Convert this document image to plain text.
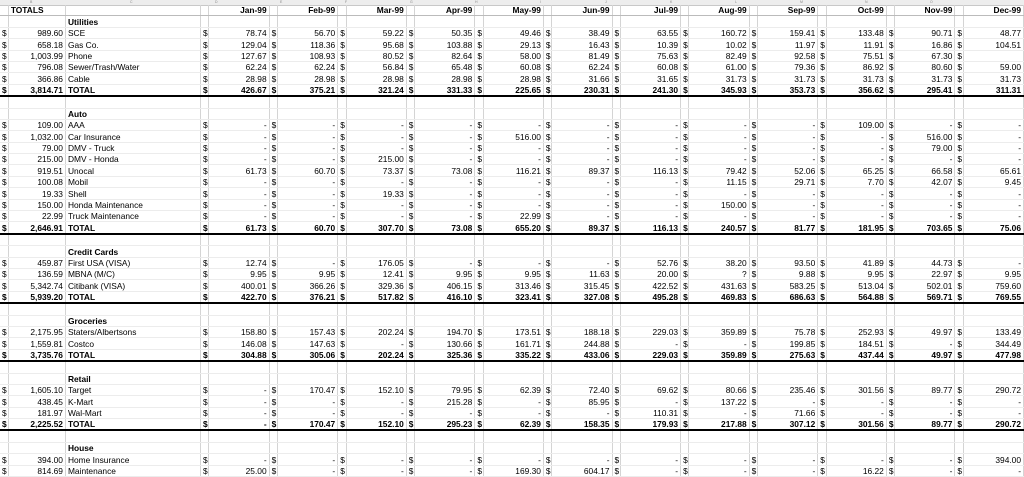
B	C	D	E	F	G	H	I	J	K	L	M	N	O
	TOTALS			Jan-99		Feb-99		Mar-99		Apr-99		May-99		Jun-99		Jul-99		Aug-99		Sep-99		Oct-99		Nov-99		Dec-99
		Utilities																								
$	989.60	SCE	$	78.74	$	56.70	$	59.22	$	50.35	$	49.46	$	38.49	$	63.55	$	160.72	$	159.41	$	133.48	$	90.71	$	48.77
$	658.18	Gas Co.	$	129.04	$	118.36	$	95.68	$	103.88	$	29.13	$	16.43	$	10.39	$	10.02	$	11.97	$	11.91	$	16.86	$	104.51
$	1,003.99	Phone	$	127.67	$	108.93	$	80.52	$	82.64	$	58.00	$	81.49	$	75.63	$	82.49	$	92.58	$	75.51	$	67.30	$	
$	796.08	Sewer/Trash/Water	$	62.24	$	62.24	$	56.84	$	65.48	$	60.08	$	62.24	$	60.08	$	61.00	$	79.36	$	86.92	$	80.60	$	59.00
$	366.86	Cable	$	28.98	$	28.98	$	28.98	$	28.98	$	28.98	$	31.66	$	31.65	$	31.73	$	31.73	$	31.73	$	31.73	$	31.73
$	3,814.71	TOTAL	$	426.67	$	375.21	$	321.24	$	331.33	$	225.65	$	230.31	$	241.30	$	345.93	$	353.73	$	356.62	$	295.41	$	311.31

		Auto																								
$	109.00	AAA	$	-	$	-	$	-	$	-	$	-	$	-	$	-	$	-	$	-	$	109.00	$	-	$	-
$	1,032.00	Car Insurance	$	-	$	-	$	-	$	-	$	516.00	$	-	$	-	$	-	$	-	$	-	$	516.00	$	-
$	79.00	DMV - Truck	$	-	$	-	$	-	$	-	$	-	$	-	$	-	$	-	$	-	$	-	$	79.00	$	-
$	215.00	DMV - Honda	$	-	$	-	$	215.00	$	-	$	-	$	-	$	-	$	-	$	-	$	-	$	-	$	-
$	919.51	Unocal	$	61.73	$	60.70	$	73.37	$	73.08	$	116.21	$	89.37	$	116.13	$	79.42	$	52.06	$	65.25	$	66.58	$	65.61
$	100.08	Mobil	$	-	$	-	$	-	$	-	$	-	$	-	$	-	$	11.15	$	29.71	$	7.70	$	42.07	$	9.45
$	19.33	Shell	$	-	$	-	$	19.33	$	-	$	-	$	-	$	-	$	-	$	-	$	-	$	-	$	-
$	150.00	Honda Maintenance	$	-	$	-	$	-	$	-	$	-	$	-	$	-	$	150.00	$	-	$	-	$	-	$	-
$	22.99	Truck Maintenance	$	-	$	-	$	-	$	-	$	22.99	$	-	$	-	$	-	$	-	$	-	$	-	$	-
$	2,646.91	TOTAL	$	61.73	$	60.70	$	307.70	$	73.08	$	655.20	$	89.37	$	116.13	$	240.57	$	81.77	$	181.95	$	703.65	$	75.06

		Credit Cards																								
$	459.87	First USA (VISA)	$	12.74	$	-	$	176.05	$	-	$	-	$	-	$	52.76	$	38.20	$	93.50	$	41.89	$	44.73	$	-
$	136.59	MBNA (M/C)	$	9.95	$	9.95	$	12.41	$	9.95	$	9.95	$	11.63	$	20.00	$	?	$	9.88	$	9.95	$	22.97	$	9.95
$	5,342.74	Citibank (VISA)	$	400.01	$	366.26	$	329.36	$	406.15	$	313.46	$	315.45	$	422.52	$	431.63	$	583.25	$	513.04	$	502.01	$	759.60
$	5,939.20	TOTAL	$	422.70	$	376.21	$	517.82	$	416.10	$	323.41	$	327.08	$	495.28	$	469.83	$	686.63	$	564.88	$	569.71	$	769.55

		Groceries																								
$	2,175.95	Staters/Albertsons	$	158.80	$	157.43	$	202.24	$	194.70	$	173.51	$	188.18	$	229.03	$	359.89	$	75.78	$	252.93	$	49.97	$	133.49
$	1,559.81	Costco	$	146.08	$	147.63	$	-	$	130.66	$	161.71	$	244.88	$	-	$	-	$	199.85	$	184.51	$	-	$	344.49
$	3,735.76	TOTAL	$	304.88	$	305.06	$	202.24	$	325.36	$	335.22	$	433.06	$	229.03	$	359.89	$	275.63	$	437.44	$	49.97	$	477.98

		Retail																								
$	1,605.10	Target	$	-	$	170.47	$	152.10	$	79.95	$	62.39	$	72.40	$	69.62	$	80.66	$	235.46	$	301.56	$	89.77	$	290.72
$	438.45	K-Mart	$	-	$	-	$	-	$	215.28	$	-	$	85.95	$	-	$	137.22	$	-	$	-	$	-	$	-
$	181.97	Wal-Mart	$	-	$	-	$	-	$	-	$	-	$	-	$	110.31	$	-	$	71.66	$	-	$	-	$	-
$	2,225.52	TOTAL	$	-	$	170.47	$	152.10	$	295.23	$	62.39	$	158.35	$	179.93	$	217.88	$	307.12	$	301.56	$	89.77	$	290.72

		House																								
$	394.00	Home Insurance	$	-	$	-	$	-	$	-	$	-	$	-	$	-	$	-	$	-	$	-	$	-	$	394.00
$	814.69	Maintenance	$	25.00	$	-	$	-	$	-	$	169.30	$	604.17	$	-	$	-	$	-	$	16.22	$	-	$	-
